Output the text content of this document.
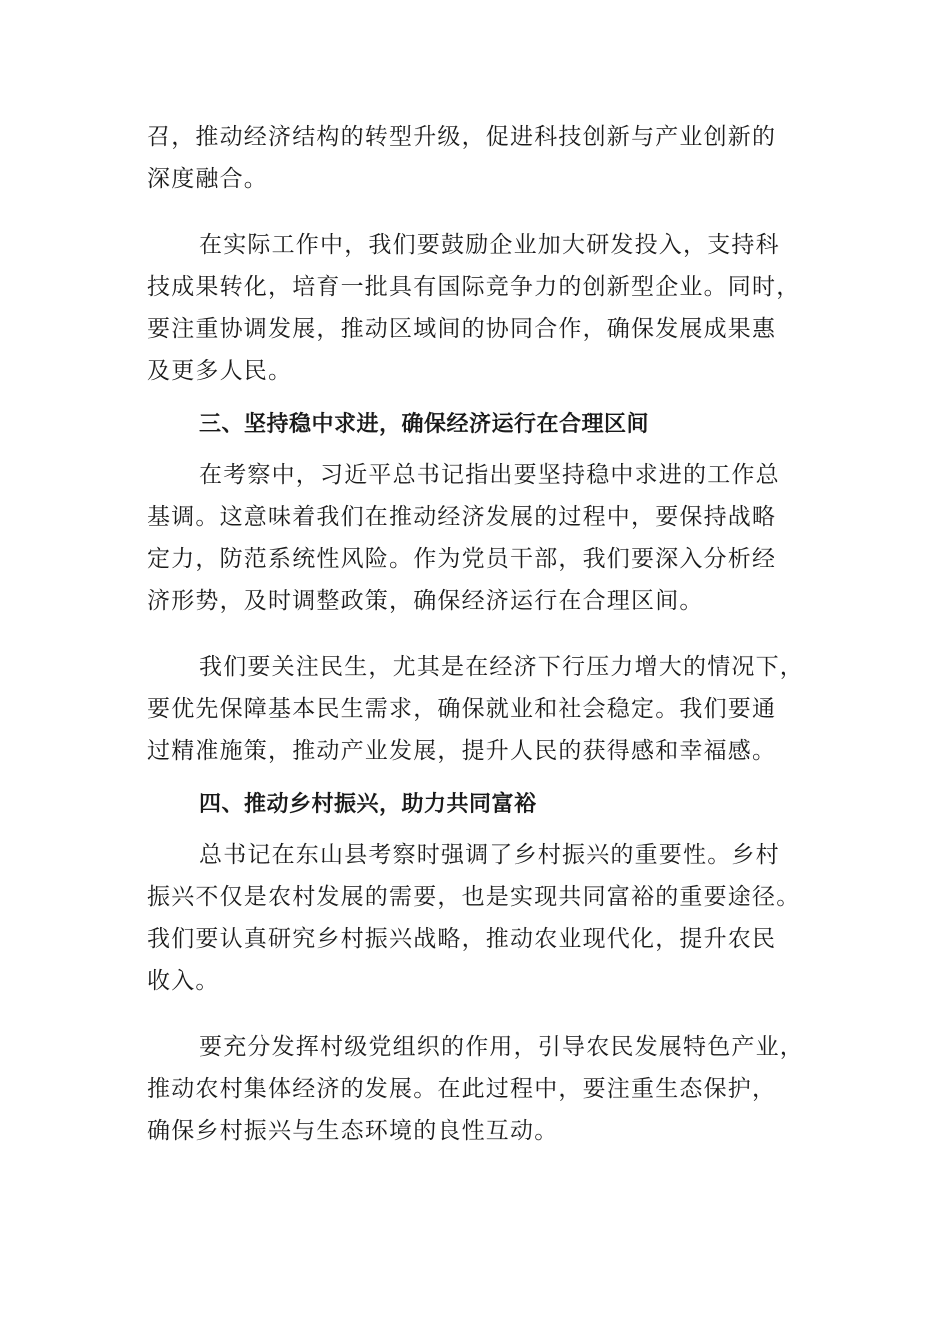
召，推动经济结构的转型升级，促进科技创新与产业创新的
深度融合。
在实际工作中，我们要鼓励企业加大研发投入，支持科
技成果转化，培育一批具有国际竞争力的创新型企业。同时，
要注重协调发展，推动区域间的协同合作，确保发展成果惠
及更多人民。
三、坚持稳中求进，确保经济运行在合理区间
在考察中，习近平总书记指出要坚持稳中求进的工作总
基调。这意味着我们在推动经济发展的过程中，要保持战略
定力，防范系统性风险。作为党员干部，我们要深入分析经
济形势，及时调整政策，确保经济运行在合理区间。
我们要关注民生，尤其是在经济下行压力增大的情况下，
要优先保障基本民生需求，确保就业和社会稳定。我们要通
过精准施策，推动产业发展，提升人民的获得感和幸福感。
四、推动乡村振兴，助力共同富裕
总书记在东山县考察时强调了乡村振兴的重要性。乡村
振兴不仅是农村发展的需要，也是实现共同富裕的重要途径。
我们要认真研究乡村振兴战略，推动农业现代化，提升农民
收入。
要充分发挥村级党组织的作用，引导农民发展特色产业，
推动农村集体经济的发展。在此过程中，要注重生态保护，
确保乡村振兴与生态环境的良性互动。
